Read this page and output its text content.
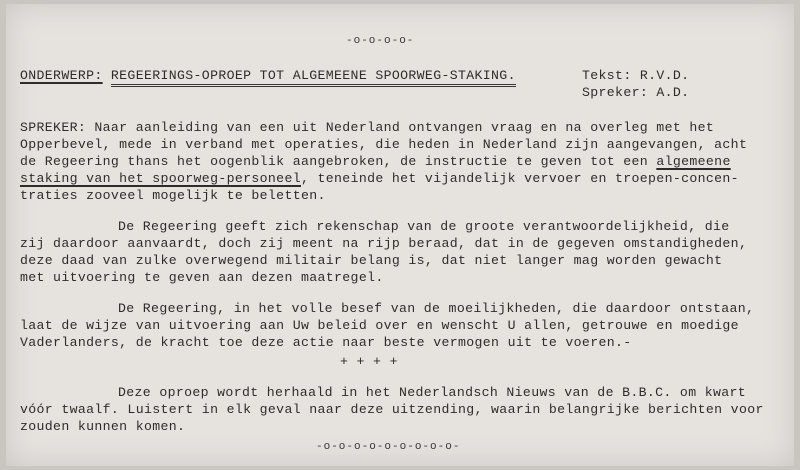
-o-o-o-o-
ONDERWERP: REGEERINGS-OPROEP TOT ALGEMEENE SPOORWEG-STAKING.	Tekst: R.V.D.
Spreker: A.D.
SPREKER: Naar aanleiding van een uit Nederland ontvangen vraag en na overleg met het
Opperbevel, mede in verband met operaties, die heden in Nederland zijn aangevangen, acht
de Regeering thans het oogenblik aangebroken, de instructie te geven tot een algemeene
staking van het spoorweg-personeel, teneinde het vijandelijk vervoer en troepen-concen-
traties zooveel mogelijk te beletten.
De Regeering geeft zich rekenschap van de groote verantwoordelijkheid, die
zij daardoor aanvaardt, doch zij meent na rijp beraad, dat in de gegeven omstandigheden,
deze daad van zulke overwegend militair belang is, dat niet langer mag worden gewacht
met uitvoering te geven aan dezen maatregel.
De Regeering, in het volle besef van de moeilijkheden, die daardoor ontstaan,
laat de wijze van uitvoering aan Uw beleid over en wenscht U allen, getrouwe en moedige
Vaderlanders, de kracht toe deze actie naar beste vermogen uit te voeren.-
+ + + +
Deze oproep wordt herhaald in het Nederlandsch Nieuws van de B.B.C. om kwart
vóór twaalf. Luistert in elk geval naar deze uitzending, waarin belangrijke berichten voor
zouden kunnen komen.
-o-o-o-o-o-o-o-o-o-
